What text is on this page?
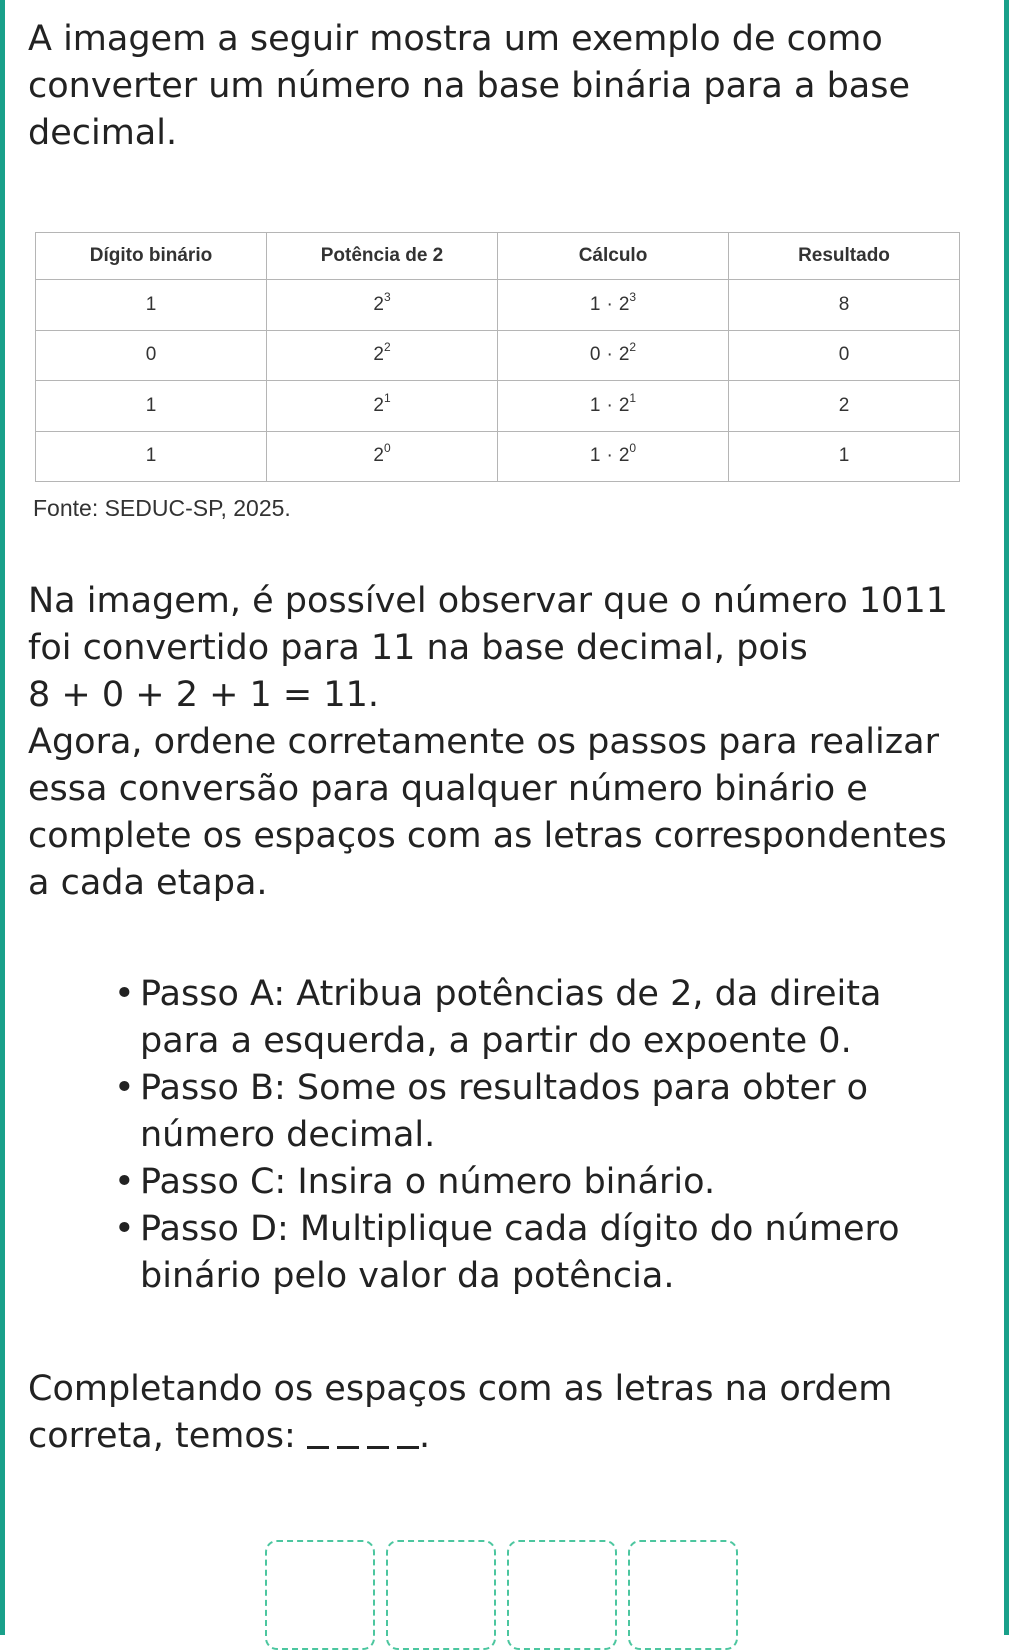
A imagem a seguir mostra um exemplo de como converter um número na base binária para a base decimal.

Dígito binário	Potência de 2	Cálculo	Resultado
1	$2^3$	$1 \cdot 2^3$	8
0	$2^2$	$0 \cdot 2^2$	0
1	$2^1$	$1 \cdot 2^1$	2
1	$2^0$	$1 \cdot 2^0$	1
Fonte: SEDUC-SP, 2025.
Na imagem, é possível observar que o número 1011 foi convertido para 11 na base decimal, pois
8 + 0 + 2 + 1 = 11.
Agora, ordene corretamente os passos para realizar essa conversão para qualquer número binário e complete os espaços com as letras correspondentes a cada etapa.
• Passo A: Atribua potências de 2, da direita para a esquerda, a partir do expoente 0.
• Passo B: Some os resultados para obter o número decimal.
• Passo C: Insira o número binário.
• Passo D: Multiplique cada dígito do número binário pelo valor da potência.

Completando os espaços com as letras na ordem correta, temos:	.
